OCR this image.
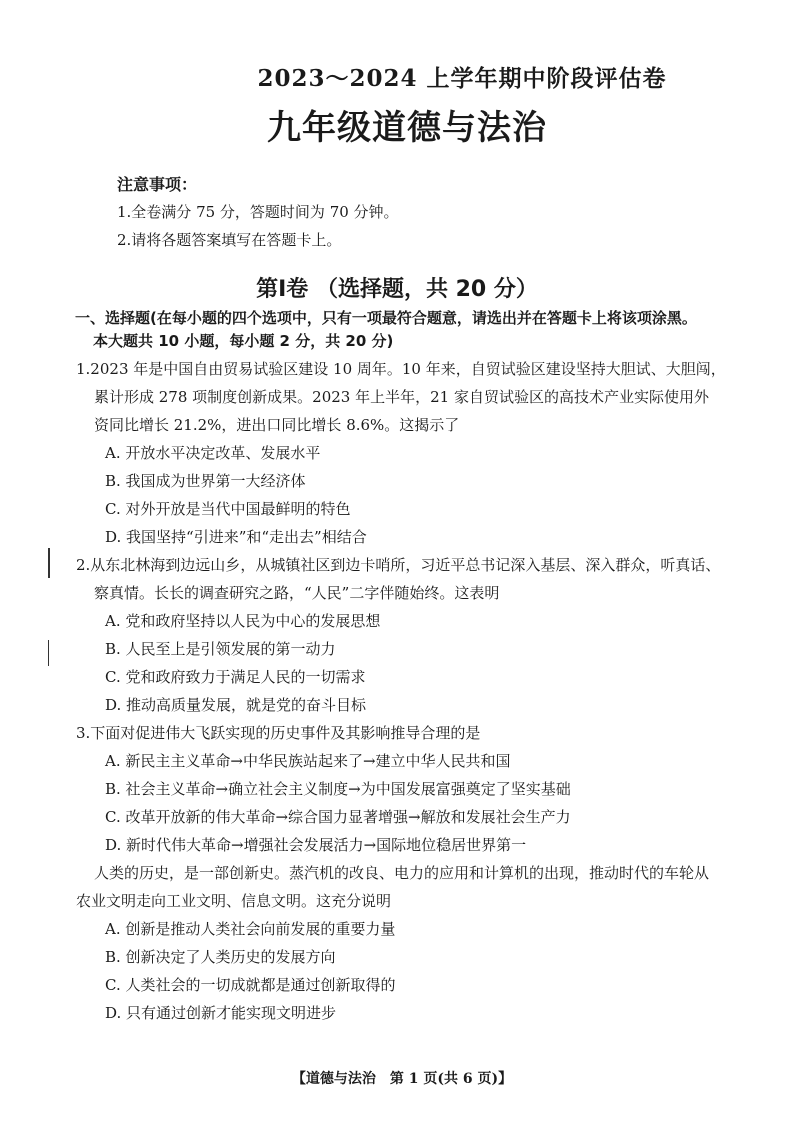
2023～2024 上学年期中阶段评估卷
九年级道德与法治
注意事项：
1.全卷满分 75 分，答题时间为 70 分钟。
2.请将各题答案填写在答题卡上。
第Ⅰ卷 （选择题，共 20 分）
一、选择题(在每小题的四个选项中，只有一项最符合题意，请选出并在答题卡上将该项涂黑。
本大题共 10 小题，每小题 2 分，共 20 分)
1.2023 年是中国自由贸易试验区建设 10 周年。10 年来，自贸试验区建设坚持大胆试、大胆闯，
累计形成 278 项制度创新成果。2023 年上半年，21 家自贸试验区的高技术产业实际使用外
资同比增长 21.2%，进出口同比增长 8.6%。这揭示了
A. 开放水平决定改革、发展水平
B. 我国成为世界第一大经济体
C. 对外开放是当代中国最鲜明的特色
D. 我国坚持“引进来”和“走出去”相结合
2.从东北林海到边远山乡，从城镇社区到边卡哨所，习近平总书记深入基层、深入群众，听真话、
察真情。长长的调查研究之路，“人民”二字伴随始终。这表明
A. 党和政府坚持以人民为中心的发展思想
B. 人民至上是引领发展的第一动力
C. 党和政府致力于满足人民的一切需求
D. 推动高质量发展，就是党的奋斗目标
3.下面对促进伟大飞跃实现的历史事件及其影响推导合理的是
A. 新民主主义革命→中华民族站起来了→建立中华人民共和国
B. 社会主义革命→确立社会主义制度→为中国发展富强奠定了坚实基础
C. 改革开放新的伟大革命→综合国力显著增强→解放和发展社会生产力
D. 新时代伟大革命→增强社会发展活力→国际地位稳居世界第一
人类的历史，是一部创新史。蒸汽机的改良、电力的应用和计算机的出现，推动时代的车轮从
农业文明走向工业文明、信息文明。这充分说明
A. 创新是推动人类社会向前发展的重要力量
B. 创新决定了人类历史的发展方向
C. 人类社会的一切成就都是通过创新取得的
D. 只有通过创新才能实现文明进步
【道德与法治　第 1 页(共 6 页)】
